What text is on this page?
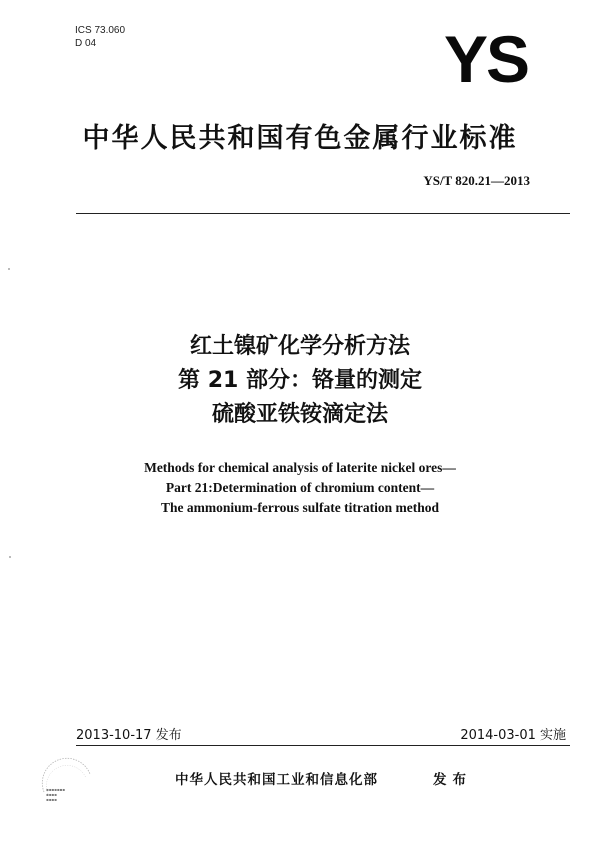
ICS 73.060
D 04	YS
中华人民共和国有色金属行业标准
YS/T 820.21—2013
红土镍矿化学分析方法
第 21 部分：铬量的测定
硫酸亚铁铵滴定法
Methods for chemical analysis of laterite nickel ores—
Part 21:Determination of chromium content—
The ammonium-ferrous sulfate titration method
2013-10-17 发布	2014-03-01 实施
▪▪▪▪▪▪▪
▪▪▪▪
▪▪▪▪
中华人民共和国工业和信息化部	发布
